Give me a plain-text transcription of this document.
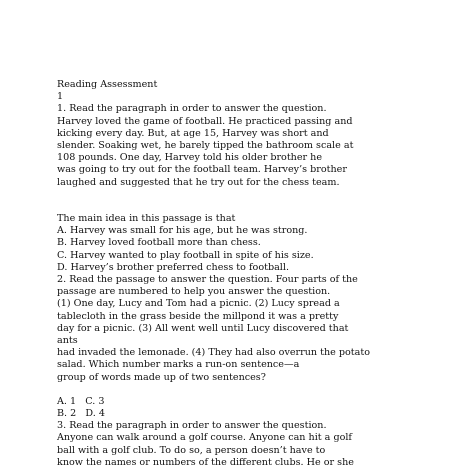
Reading Assessment
1
1. Read the paragraph in order to answer the question.
Harvey loved the game of football. He practiced passing and
kicking every day. But, at age 15, Harvey was short and
slender. Soaking wet, he barely tipped the bathroom scale at
108 pounds. One day, Harvey told his older brother he
was going to try out for the football team. Harvey’s brother
laughed and suggested that he try out for the chess team.
The main idea in this passage is that
A. Harvey was small for his age, but he was strong.
B. Harvey loved football more than chess.
C. Harvey wanted to play football in spite of his size.
D. Harvey’s brother preferred chess to football.
2. Read the passage to answer the question. Four parts of the
passage are numbered to help you answer the question.
(1) One day, Lucy and Tom had a picnic. (2) Lucy spread a
tablecloth in the grass beside the millpond it was a pretty
day for a picnic. (3) All went well until Lucy discovered that
ants
had invaded the lemonade. (4) They had also overrun the potato
salad. Which number marks a run-on sentence—a
group of words made up of two sentences?
A. 1   C. 3
B. 2   D. 4
3. Read the paragraph in order to answer the question.
Anyone can walk around a golf course. Anyone can hit a golf
ball with a golf club. To do so, a person doesn’t have to
know the names or numbers of the different clubs. He or she
